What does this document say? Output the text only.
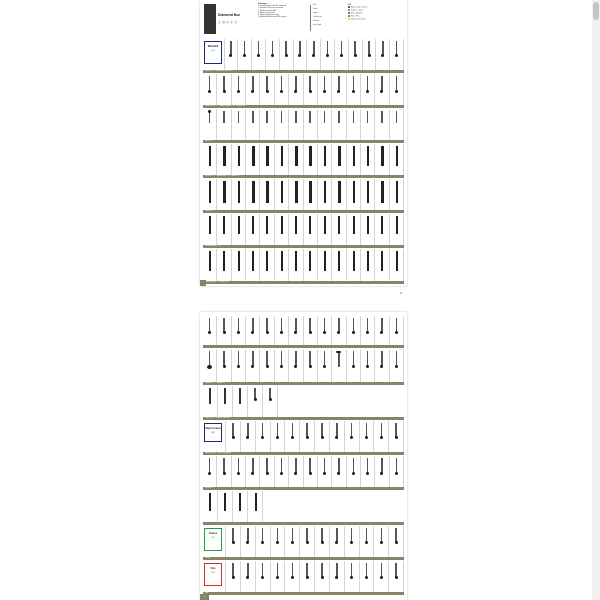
Diamond Bur
金 钢 砂 车 针
Advantages
1. Used by people with ISO standards
2. Smooth cut less tear of enamel
3. Durable and bearable
4. Efficient cutting time
5. Helps cutting more easily
6. individual blisters and HOM contact
Neck
Shank
Length
Cutting head
Diameter
Head length
Grit
Black = Super Coarse
Green = Coarse
Blue = Medium
Red = Fine
Yellow = Extra Fine
Standard
标 准
Round / TR Round with Collar / BC
Inverted Cone / IC Straight Cylinder / SF Wheel / WR
Pear / SI
Tapered / TF Flat-end Cone / TC Needle / TF
Flame / FO
Round-end Taper / TR
Inverted Cone / IC Flame / FO
3
Pointed / TR Tapered / TF
Wheel / WR Grooved Cone / SF
Super Coarse
超粗
Depth Marking Super Round-edge
Round / TR
Coarse
粗砂
Coarse
Fine
细砂
4
